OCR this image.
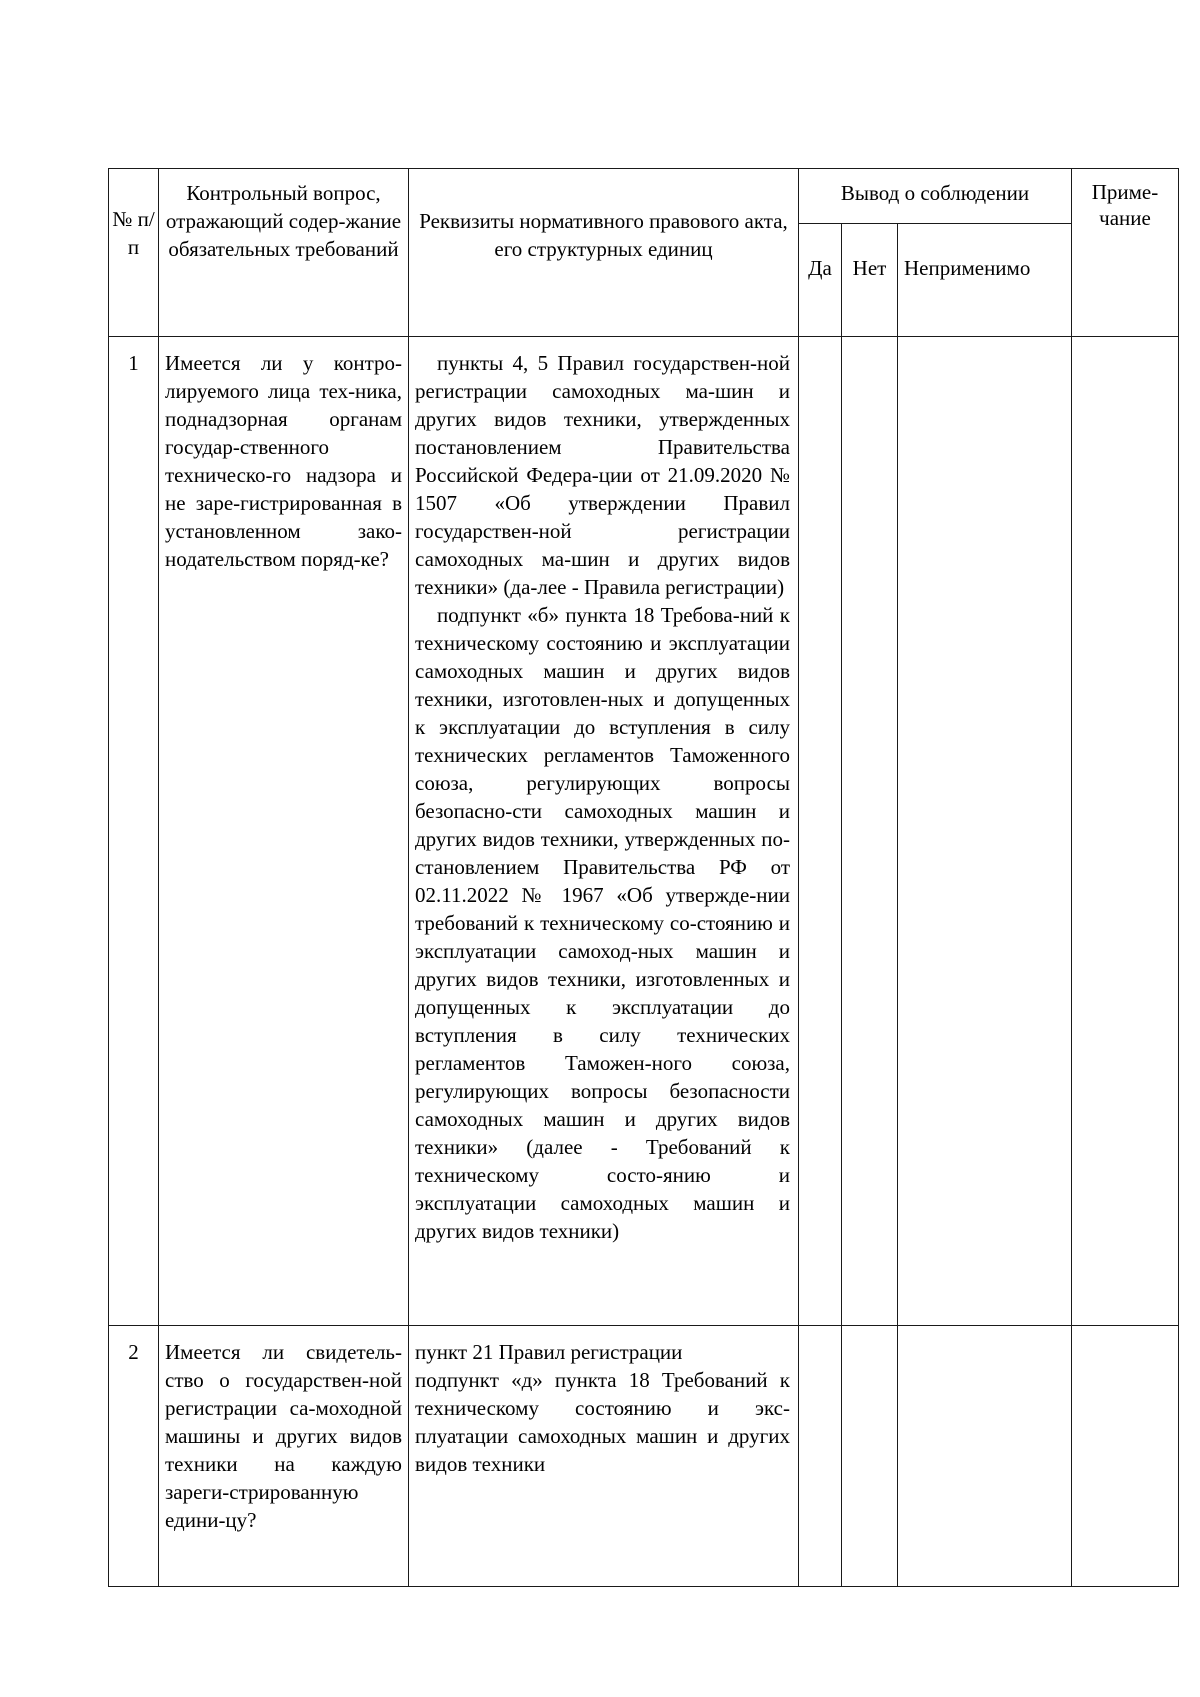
№ п/п	Контрольный вопрос, отражающий содер-жание обязательных требований	Реквизиты нормативного правового акта, его структурных единиц	Вывод о соблюдении			Приме-чание
			Да	Нет	Неприменимо	
1	Имеется ли у контро-лируемого лица тех-ника, поднадзорная органам государ-ственного техническо-го надзора и не заре-гистрированная в установленном зако-нодательством поряд-ке?	пункты 4, 5 Правил государствен-ной регистрации самоходных ма-шин и других видов техники, утвержденных постановлением Правительства Российской Федера-ции от 21.09.2020 № 1507 «Об утверждении Правил государствен-ной регистрации самоходных ма-шин и других видов техники» (да-лее - Правила регистрации)

подпункт «б» пункта 18 Требова-ний к техническому состоянию и эксплуатации самоходных машин и других видов техники, изготовлен-ных и допущенных к эксплуатации до вступления в силу технических регламентов Таможенного союза, регулирующих вопросы безопасно-сти самоходных машин и других видов техники, утвержденных по-становлением Правительства РФ от 02.11.2022 № 1967 «Об утвержде-нии требований к техническому со-стоянию и эксплуатации самоход-ных машин и других видов техники, изготовленных и допущенных к эксплуатации до вступления в силу технических регламентов Таможен-ного союза, регулирующих вопросы безопасности самоходных машин и других видов техники» (далее - Требований к техническому состо-янию и эксплуатации самоходных машин и других видов техники)				

2	Имеется ли свидетель-ство о государствен-ной регистрации са-моходной машины и других видов техники на каждую зареги-стрированную едини-цу?	пункт 21 Правил регистрации

подпункт «д» пункта 18 Требований к техническому состоянию и экс-плуатации самоходных машин и других видов техники				
